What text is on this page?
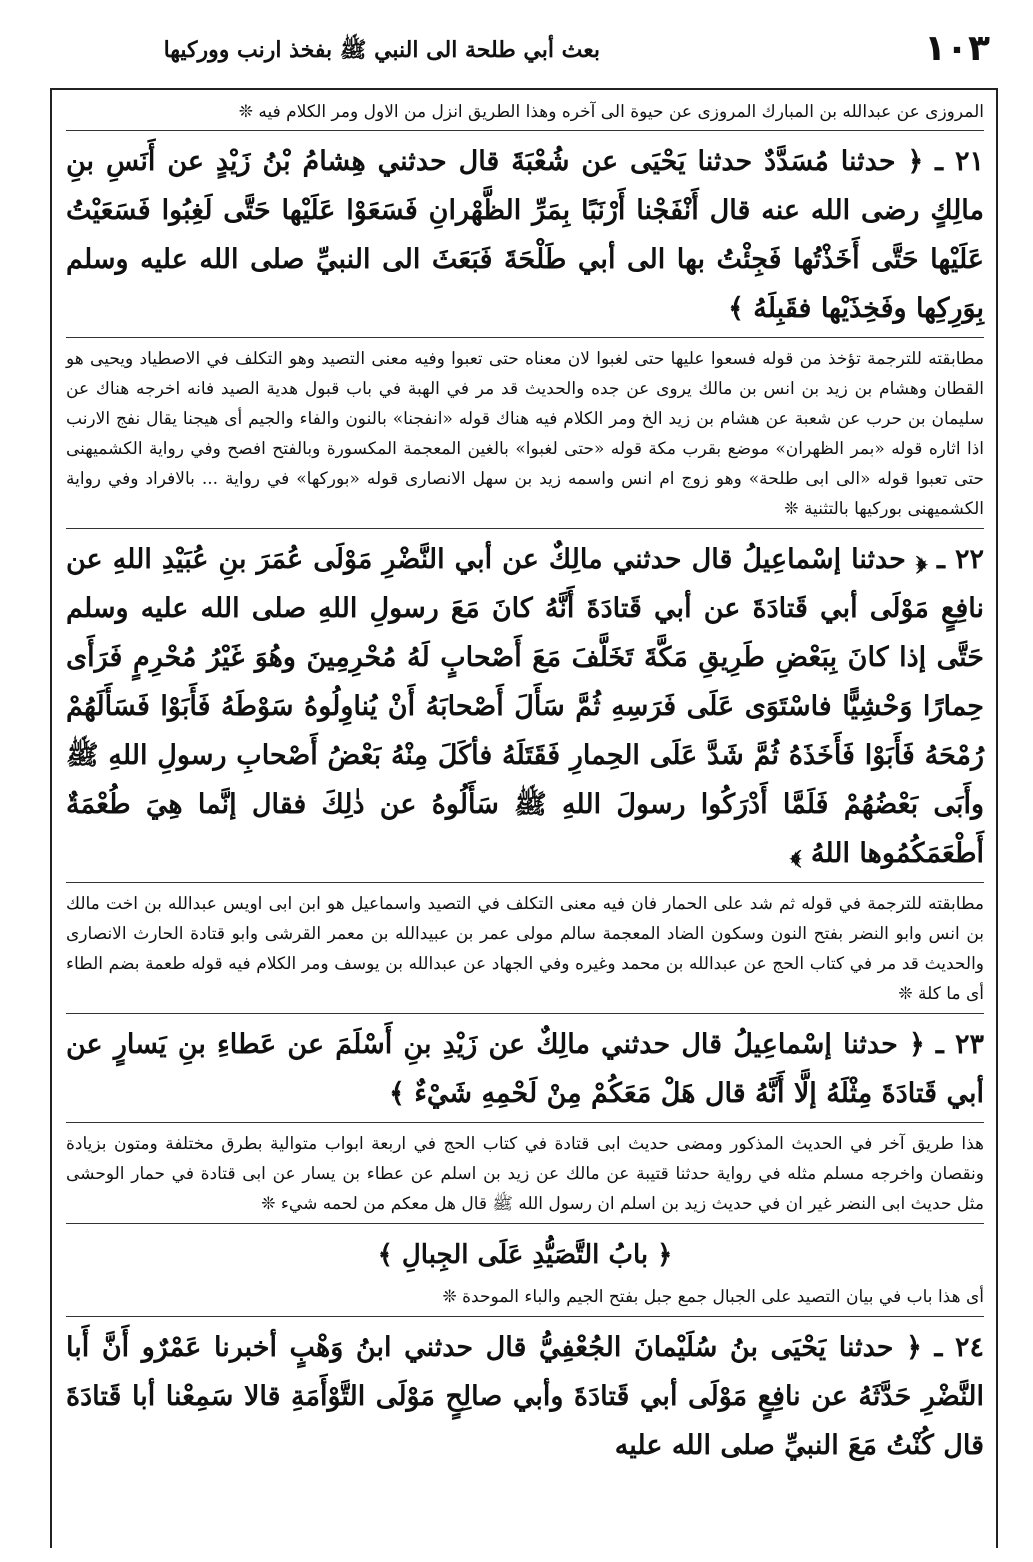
بعث أبي طلحة الى النبي ﷺ بفخذ ارنب وورکيها	١٠٣

المروزى عن عبدالله بن المبارك المروزى عن حيوة الى آخره وهذا الطريق انزل من الاول ومر الكلام فيه ❊

٢١ ـ ﴿ حدثنا مُسَدَّدٌ حدثنا يَحْيَى عن شُعْبَةَ قال حدثني هِشامُ بْنُ زَيْدٍ عن أَنَسِ بنِ مالِكٍ رضى الله عنه قال أَنْفَجْنا أَرْنَبًا بِمَرِّ الظَّهْرانِ فَسَعَوْا عَلَيْها حَتَّى لَغِبُوا فَسَعَيْتُ عَلَيْها حَتَّى أَخَذْتُها فَجِئْتُ بها الى أبي طَلْحَةَ فَبَعَثَ الى النبيِّ صلى الله عليه وسلم بِوَرِكِها وفَخِذَيْها فقَبِلَهُ ﴾

مطابقته للترجمة تؤخذ من قوله فسعوا عليها حتى لغبوا لان معناه حتى تعبوا وفيه معنى التصيد وهو التكلف في الاصطياد ويحيى هو القطان وهشام بن زيد بن انس بن مالك يروى عن جده والحديث قد مر في الهبة في باب قبول هدية الصيد فانه اخرجه هناك عن سليمان بن حرب عن شعبة عن هشام بن زيد الخ ومر الكلام فيه هناك قوله «انفجنا» بالنون والفاء والجيم أى هيجنا يقال نفج الارنب اذا اثاره قوله «بمر الظهران» موضع بقرب مكة قوله «حتى لغبوا» بالغين المعجمة المكسورة وبالفتح افصح وفي رواية الكشميهنى حتى تعبوا قوله «الى ابى طلحة» وهو زوج ام انس واسمه زيد بن سهل الانصارى قوله «بوركها» في رواية ... بالافراد وفي رواية الكشميهنى بوركيها بالتثنية ❊

٢٢ ـ ﴿ حدثنا إسْماعِيلُ قال حدثني مالِكٌ عن أبي النَّضْرِ مَوْلَى عُمَرَ بنِ عُبَيْدِ اللهِ عن نافِعٍ مَوْلَى أبي قَتادَةَ عن أبي قَتادَةَ أَنَّهُ كانَ مَعَ رسولِ اللهِ صلى الله عليه وسلم حَتَّى إذا كانَ بِبَعْضِ طَرِيقِ مَكَّةَ تَخَلَّفَ مَعَ أَصْحابٍ لَهُ مُحْرِمِينَ وهُوَ غَيْرُ مُحْرِمٍ فَرَأَى حِمارًا وَحْشِيًّا فاسْتَوَى عَلَى فَرَسِهِ ثُمَّ سَأَلَ أَصْحابَهُ أَنْ يُناوِلُوهُ سَوْطَهُ فَأَبَوْا فَسَأَلَهُمْ رُمْحَهُ فَأَبَوْا فَأَخَذَهُ ثُمَّ شَدَّ عَلَى الحِمارِ فَقَتَلَهُ فأكَلَ مِنْهُ بَعْضُ أَصْحابِ رسولِ اللهِ ﷺ وأَبَى بَعْضُهُمْ فَلَمَّا أَدْرَكُوا رسولَ اللهِ ﷺ سَأَلُوهُ عن ذٰلِكَ فقال إنَّما هِيَ طُعْمَةٌ أَطْعَمَكُمُوها اللهُ ﴾

مطابقته للترجمة في قوله ثم شد على الحمار فان فيه معنى التكلف في التصيد واسماعيل هو ابن ابى اويس عبدالله بن اخت مالك بن انس وابو النضر بفتح النون وسكون الضاد المعجمة سالم مولى عمر بن عبيدالله بن معمر القرشى وابو قتادة الحارث الانصارى والحديث قد مر في كتاب الحج عن عبدالله بن محمد وغيره وفي الجهاد عن عبدالله بن يوسف ومر الكلام فيه قوله طعمة بضم الطاء أى ما كلة ❊

٢٣ ـ ﴿ حدثنا إسْماعِيلُ قال حدثني مالِكٌ عن زَيْدِ بنِ أَسْلَمَ عن عَطاءِ بنِ يَسارٍ عن أبي قَتادَةَ مِثْلَهُ إلَّا أَنَّهُ قال هَلْ مَعَكُمْ مِنْ لَحْمِهِ شَيْءٌ ﴾

هذا طريق آخر في الحديث المذكور ومضى حديث ابى قتادة في كتاب الحج في اربعة ابواب متوالية بطرق مختلفة ومتون بزيادة ونقصان واخرجه مسلم مثله في رواية حدثنا قتيبة عن مالك عن زيد بن اسلم عن عطاء بن يسار عن ابى قتادة في حمار الوحشى مثل حديث ابى النضر غير ان في حديث زيد بن اسلم ان رسول الله ﷺ قال هل معكم من لحمه شيء ❊

﴿ بابُ التَّصَيُّدِ عَلَى الجِبالِ ﴾

أى هذا باب في بيان التصيد على الجبال جمع جبل بفتح الجيم والباء الموحدة ❊

٢٤ ـ ﴿ حدثنا يَحْيَى بنُ سُلَيْمانَ الجُعْفِيُّ قال حدثني ابنُ وَهْبٍ أخبرنا عَمْرٌو أَنَّ أَبا النَّضْرِ حَدَّثَهُ عن نافِعٍ مَوْلَى أبي قَتادَةَ وأبي صالِحٍ مَوْلَى التَّوْأَمَةِ قالا سَمِعْنا أبا قَتادَةَ قال كُنْتُ مَعَ النبيِّ صلى الله عليه
